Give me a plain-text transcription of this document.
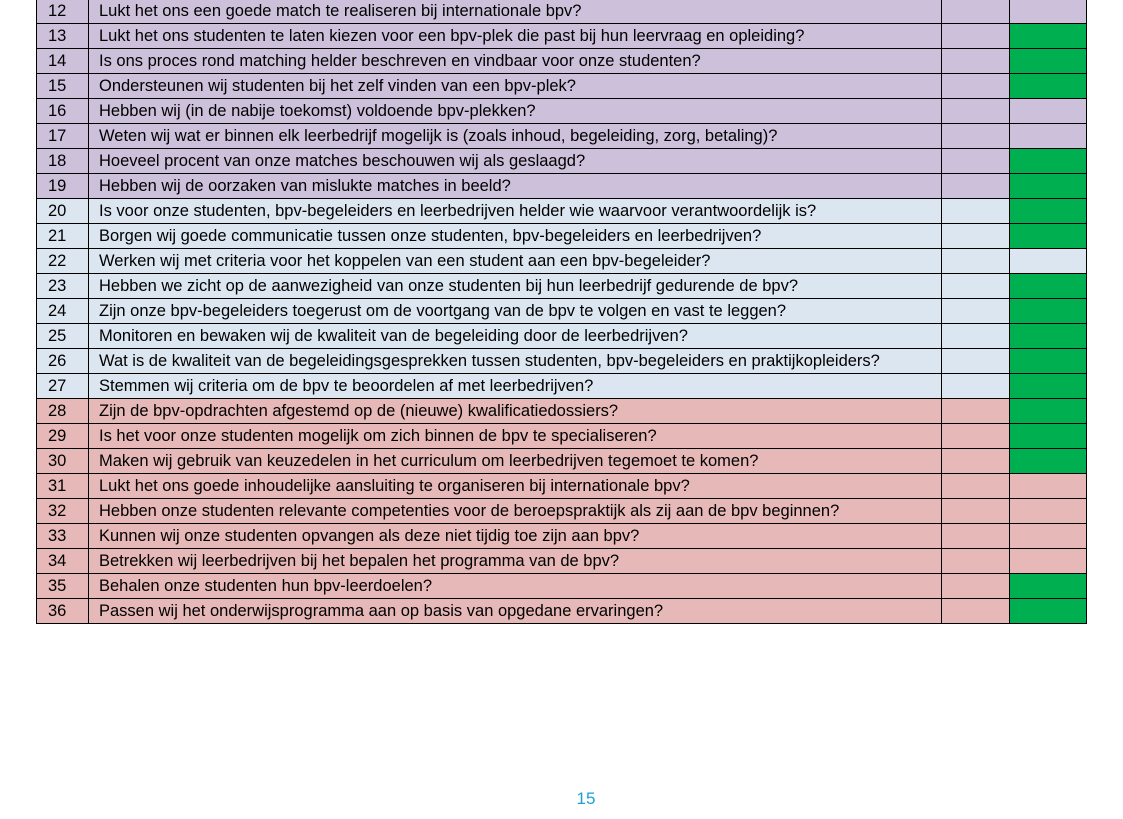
12	Lukt het ons een goede match te realiseren bij internationale bpv?		
13	Lukt het ons studenten te laten kiezen voor een bpv-plek die past bij hun leervraag en opleiding?		
14	Is ons proces rond matching helder beschreven en vindbaar voor onze studenten?		
15	Ondersteunen wij studenten bij het zelf vinden van een bpv-plek?		
16	Hebben wij (in de nabije toekomst) voldoende bpv-plekken?		
17	Weten wij wat er binnen elk leerbedrijf mogelijk is (zoals inhoud, begeleiding, zorg, betaling)?		
18	Hoeveel procent van onze matches beschouwen wij als geslaagd?		
19	Hebben wij de oorzaken van mislukte matches in beeld?		
20	Is voor onze studenten, bpv-begeleiders en leerbedrijven helder wie waarvoor verantwoordelijk is?		
21	Borgen wij goede communicatie tussen onze studenten, bpv-begeleiders en leerbedrijven?		
22	Werken wij met criteria voor het koppelen van een student aan een bpv-begeleider?		
23	Hebben we zicht op de aanwezigheid van onze studenten bij hun leerbedrijf gedurende de bpv?		
24	Zijn onze bpv-begeleiders toegerust om de voortgang van de bpv te volgen en vast te leggen?		
25	Monitoren en bewaken wij de kwaliteit van de begeleiding door de leerbedrijven?		
26	Wat is de kwaliteit van de begeleidingsgesprekken tussen studenten, bpv-begeleiders en praktijkopleiders?		
27	Stemmen wij criteria om de bpv te beoordelen af met leerbedrijven?		
28	Zijn de bpv-opdrachten afgestemd op de (nieuwe) kwalificatiedossiers?		
29	Is het voor onze studenten mogelijk om zich binnen de bpv te specialiseren?		
30	Maken wij gebruik van keuzedelen in het curriculum om leerbedrijven tegemoet te komen?		
31	Lukt het ons goede inhoudelijke aansluiting te organiseren bij internationale bpv?		
32	Hebben onze studenten relevante competenties voor de beroepspraktijk als zij aan de bpv beginnen?		
33	Kunnen wij onze studenten opvangen als deze niet tijdig toe zijn aan bpv?		
34	Betrekken wij leerbedrijven bij het bepalen het programma van de bpv?		
35	Behalen onze studenten hun bpv-leerdoelen?		
36	Passen wij het onderwijsprogramma aan op basis van opgedane ervaringen?		
15
